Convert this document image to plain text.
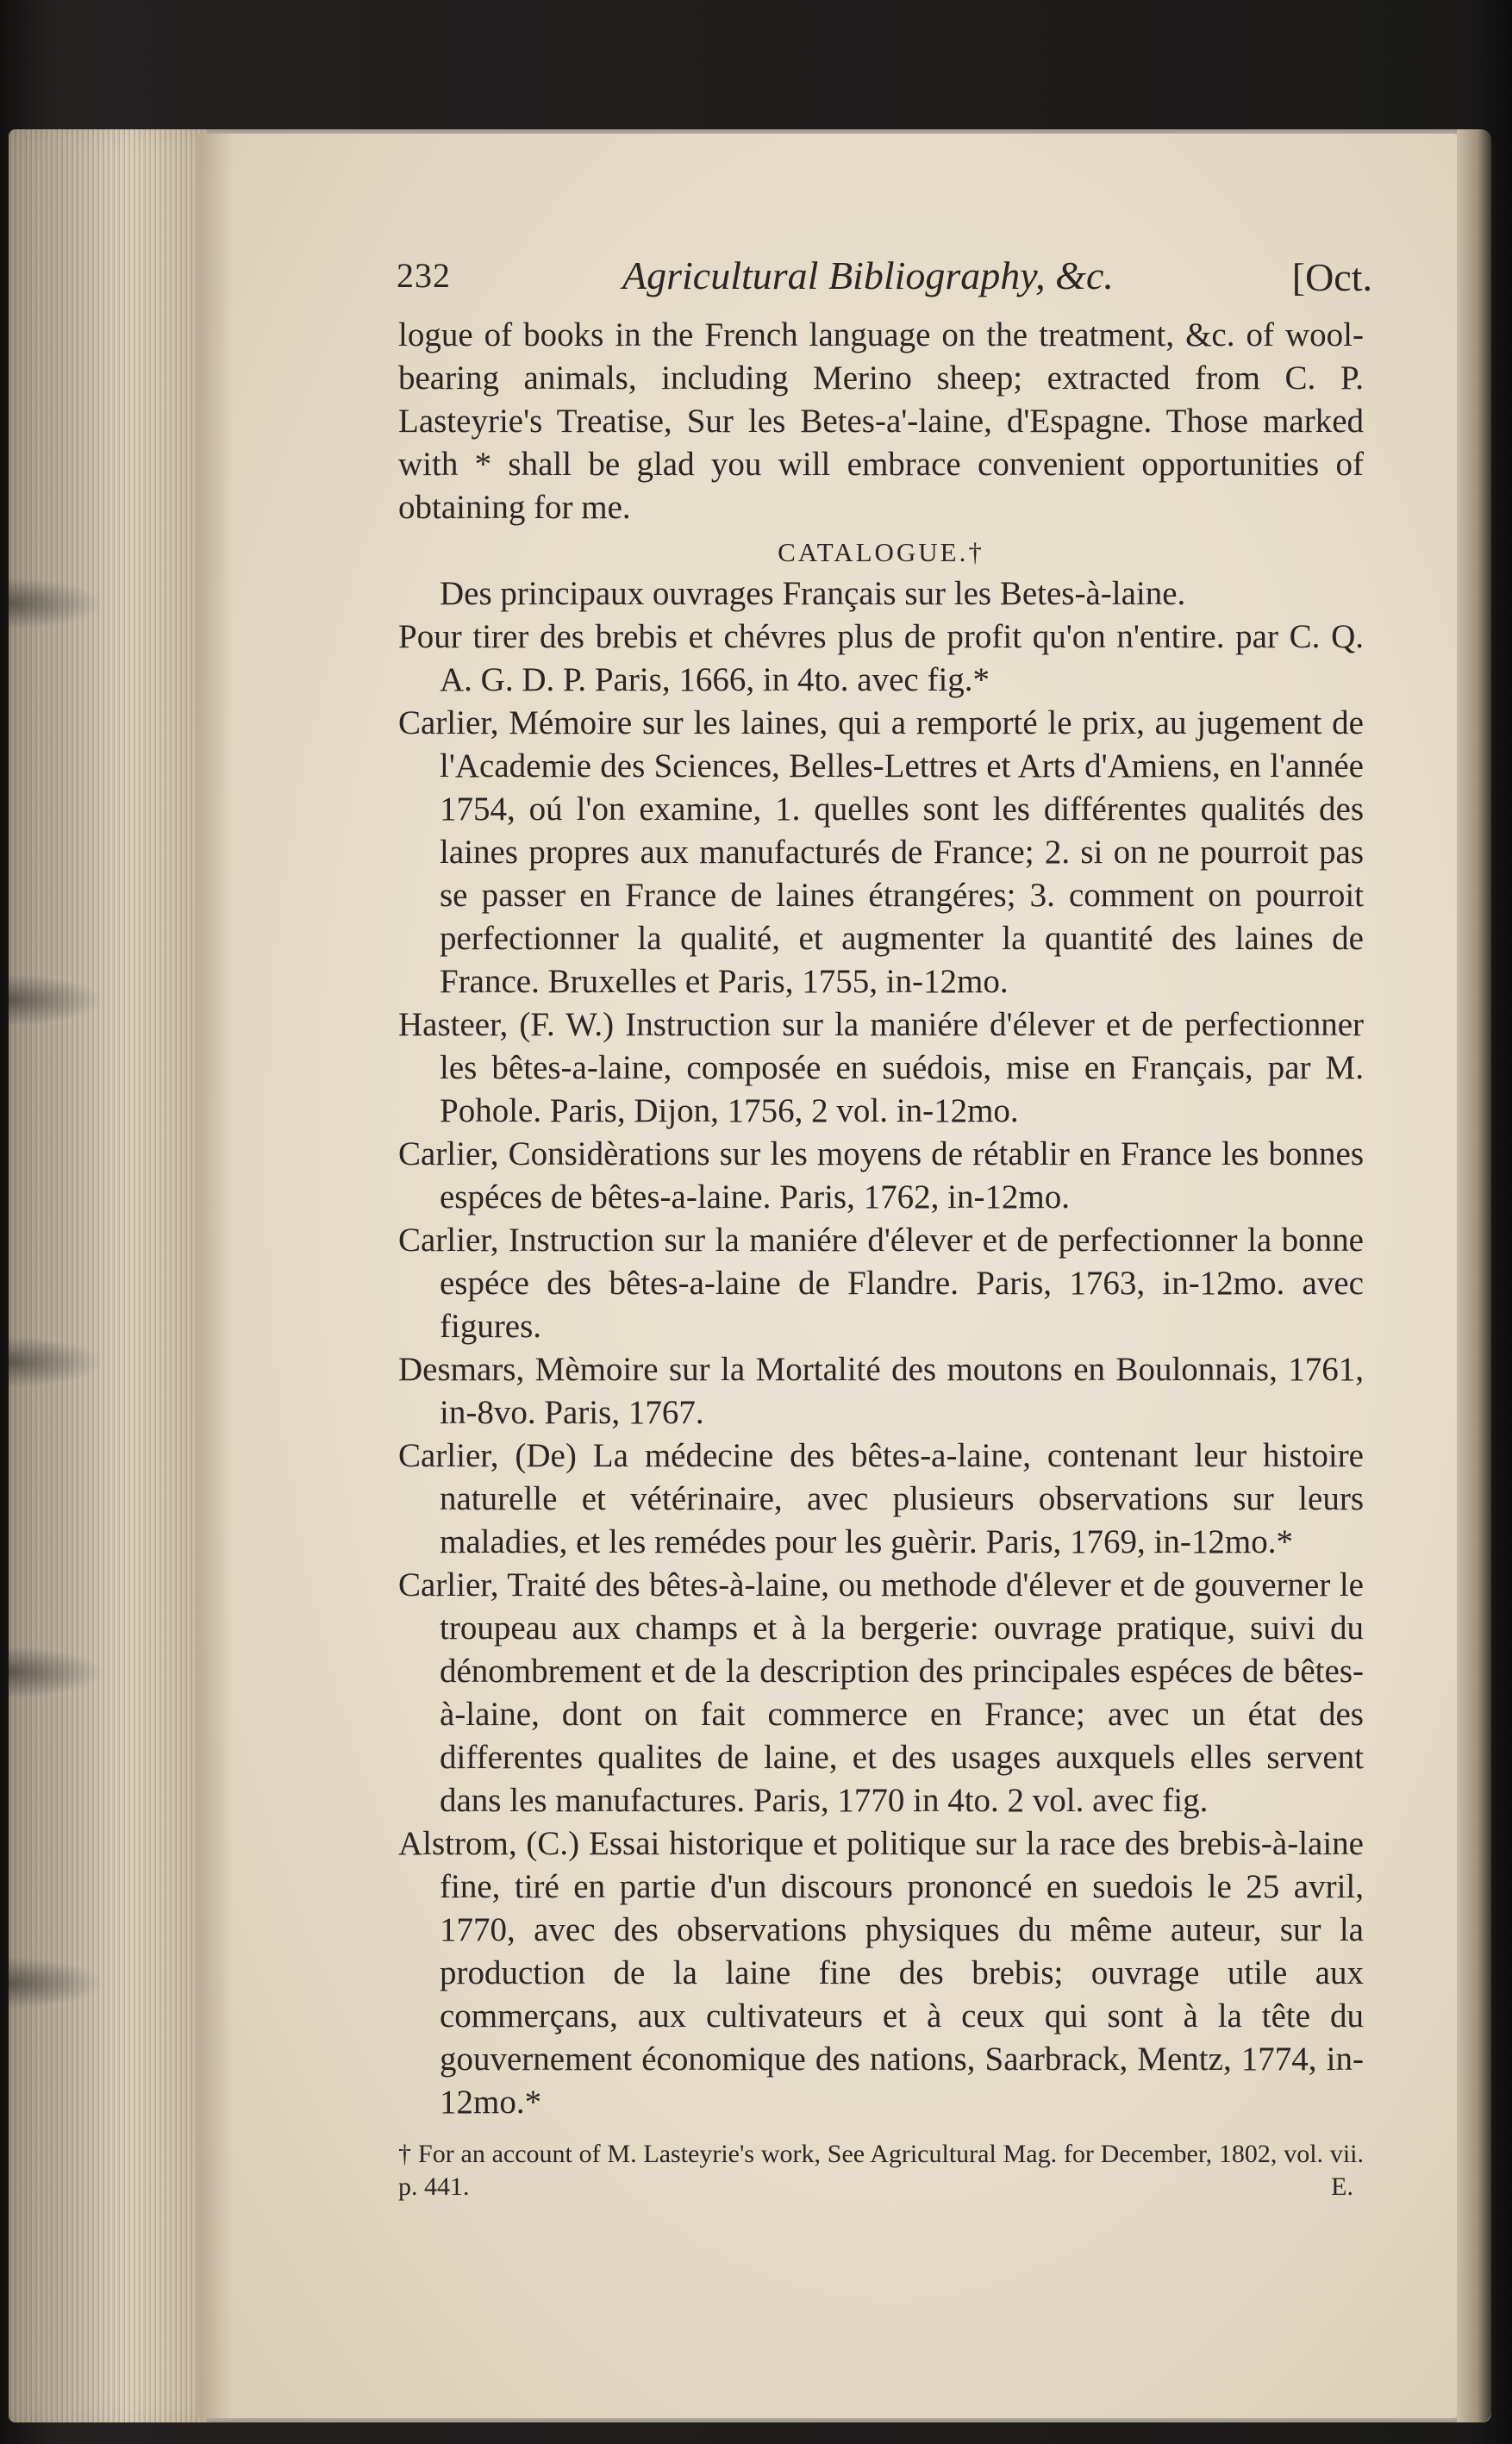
232	Agricultural Bibliography, &c.	[Oct.

logue of books in the French language on the treatment, &c. of wool-bearing animals, including Merino sheep; extracted from C. P. Lasteyrie's Treatise, Sur les Betes-a'-laine, d'Espagne. Those marked with * shall be glad you will embrace convenient opportunities of obtaining for me.

CATALOGUE.†

Des principaux ouvrages Français sur les Betes-à-laine.

Pour tirer des brebis et chévres plus de profit qu'on n'entire. par C. Q. A. G. D. P. Paris, 1666, in 4to. avec fig.*

Carlier, Mémoire sur les laines, qui a remporté le prix, au jugement de l'Academie des Sciences, Belles-Lettres et Arts d'Amiens, en l'année 1754, oú l'on examine, 1. quelles sont les différentes qualités des laines propres aux manufacturés de France; 2. si on ne pourroit pas se passer en France de laines étrangéres; 3. comment on pourroit perfectionner la qualité, et augmenter la quantité des laines de France. Bruxelles et Paris, 1755, in-12mo.

Hasteer, (F. W.) Instruction sur la maniére d'élever et de perfectionner les bêtes-a-laine, composée en suédois, mise en Français, par M. Pohole. Paris, Dijon, 1756, 2 vol. in-12mo.

Carlier, Considèrations sur les moyens de rétablir en France les bonnes espéces de bêtes-a-laine. Paris, 1762, in-12mo.

Carlier, Instruction sur la maniére d'élever et de perfectionner la bonne espéce des bêtes-a-laine de Flandre. Paris, 1763, in-12mo. avec figures.

Desmars, Mèmoire sur la Mortalité des moutons en Boulonnais, 1761, in-8vo. Paris, 1767.

Carlier, (De) La médecine des bêtes-a-laine, contenant leur histoire naturelle et vétérinaire, avec plusieurs observations sur leurs maladies, et les remédes pour les guèrir. Paris, 1769, in-12mo.*

Carlier, Traité des bêtes-à-laine, ou methode d'élever et de gouverner le troupeau aux champs et à la bergerie: ouvrage pratique, suivi du dénombrement et de la description des principales espéces de bêtes-à-laine, dont on fait commerce en France; avec un état des differentes qualites de laine, et des usages auxquels elles servent dans les manufactures. Paris, 1770 in 4to. 2 vol. avec fig.

Alstrom, (C.) Essai historique et politique sur la race des brebis-à-laine fine, tiré en partie d'un discours prononcé en suedois le 25 avril, 1770, avec des observations physiques du même auteur, sur la production de la laine fine des brebis; ouvrage utile aux commerçans, aux cultivateurs et à ceux qui sont à la tête du gouvernement économique des nations, Saarbrack, Mentz, 1774, in-12mo.*

† For an account of M. Lasteyrie's work, See Agricultural Mag. for December, 1802, vol. vii. p. 441.	E.
